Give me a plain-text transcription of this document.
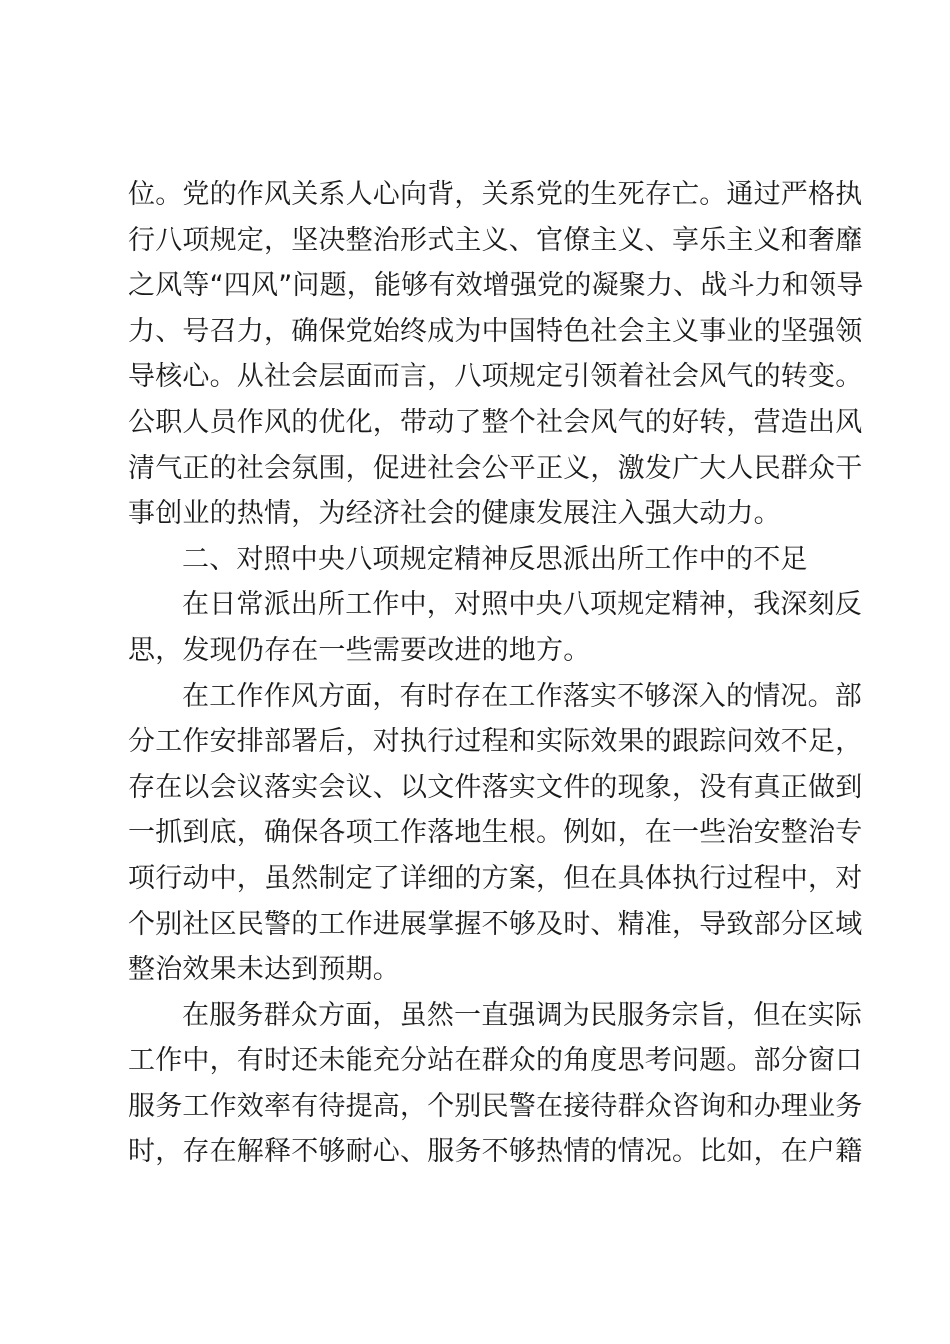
位。党的作风关系人心向背，关系党的生死存亡。通过严格执
行八项规定，坚决整治形式主义、官僚主义、享乐主义和奢靡
之风等“四风”问题，能够有效增强党的凝聚力、战斗力和领导
力、号召力，确保党始终成为中国特色社会主义事业的坚强领
导核心。从社会层面而言，八项规定引领着社会风气的转变。
公职人员作风的优化，带动了整个社会风气的好转，营造出风
清气正的社会氛围，促进社会公平正义，激发广大人民群众干
事创业的热情，为经济社会的健康发展注入强大动力。
二、对照中央八项规定精神反思派出所工作中的不足
在日常派出所工作中，对照中央八项规定精神，我深刻反
思，发现仍存在一些需要改进的地方。
在工作作风方面，有时存在工作落实不够深入的情况。部
分工作安排部署后，对执行过程和实际效果的跟踪问效不足，
存在以会议落实会议、以文件落实文件的现象，没有真正做到
一抓到底，确保各项工作落地生根。例如，在一些治安整治专
项行动中，虽然制定了详细的方案，但在具体执行过程中，对
个别社区民警的工作进展掌握不够及时、精准，导致部分区域
整治效果未达到预期。
在服务群众方面，虽然一直强调为民服务宗旨，但在实际
工作中，有时还未能充分站在群众的角度思考问题。部分窗口
服务工作效率有待提高，个别民警在接待群众咨询和办理业务
时，存在解释不够耐心、服务不够热情的情况。比如，在户籍
